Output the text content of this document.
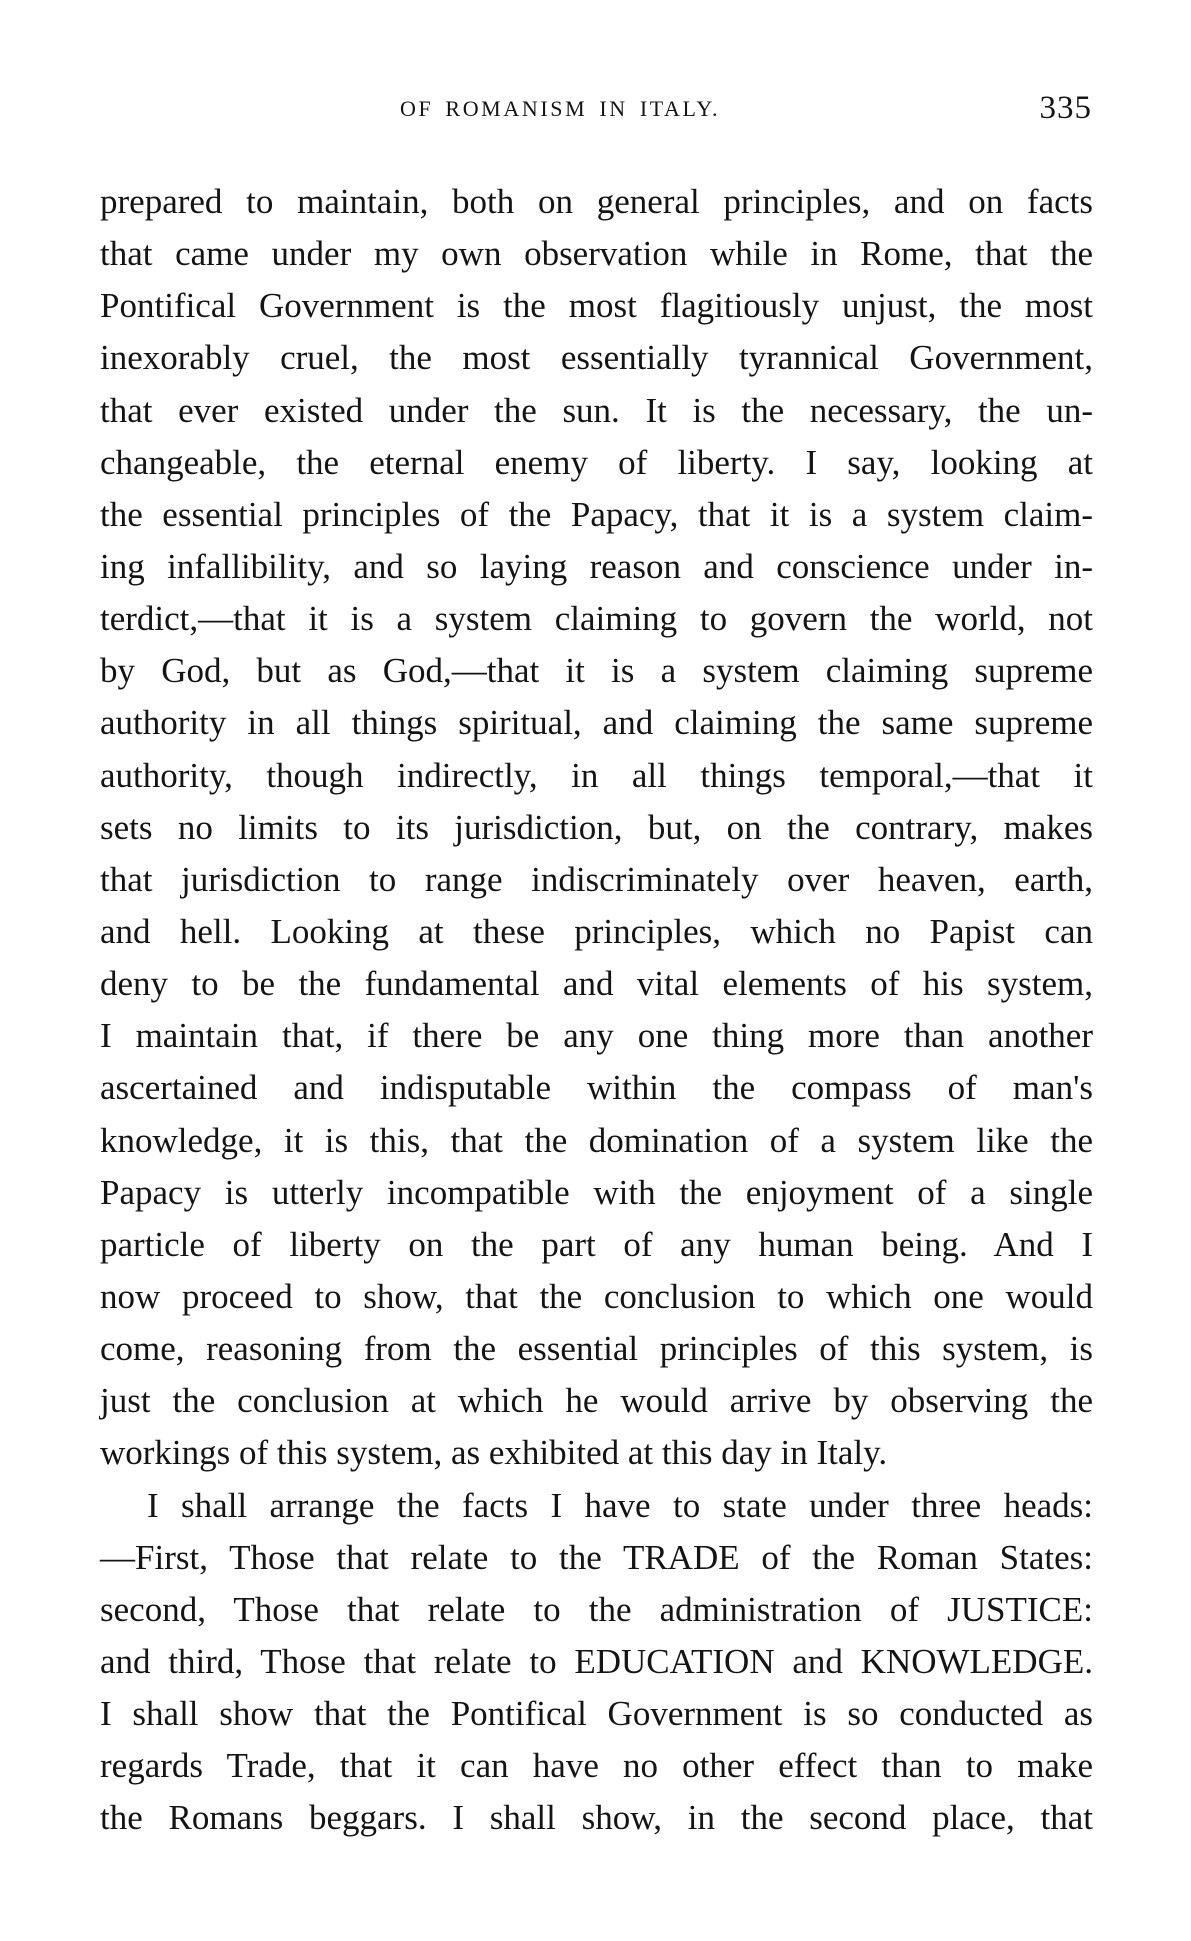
OF ROMANISM IN ITALY.	335
prepared to maintain, both on general principles, and on facts
that came under my own observation while in Rome, that the
Pontifical Government is the most flagitiously unjust, the most
inexorably cruel, the most essentially tyrannical Government,
that ever existed under the sun. It is the necessary, the un-
changeable, the eternal enemy of liberty. I say, looking at
the essential principles of the Papacy, that it is a system claim-
ing infallibility, and so laying reason and conscience under in-
terdict,—that it is a system claiming to govern the world, not
by God, but as God,—that it is a system claiming supreme
authority in all things spiritual, and claiming the same supreme
authority, though indirectly, in all things temporal,—that it
sets no limits to its jurisdiction, but, on the contrary, makes
that jurisdiction to range indiscriminately over heaven, earth,
and hell. Looking at these principles, which no Papist can
deny to be the fundamental and vital elements of his system,
I maintain that, if there be any one thing more than another
ascertained and indisputable within the compass of man's
knowledge, it is this, that the domination of a system like the
Papacy is utterly incompatible with the enjoyment of a single
particle of liberty on the part of any human being. And I
now proceed to show, that the conclusion to which one would
come, reasoning from the essential principles of this system, is
just the conclusion at which he would arrive by observing the
workings of this system, as exhibited at this day in Italy.
I shall arrange the facts I have to state under three heads:
—First, Those that relate to the TRADE of the Roman States:
second, Those that relate to the administration of JUSTICE:
and third, Those that relate to EDUCATION and KNOWLEDGE.
I shall show that the Pontifical Government is so conducted as
regards Trade, that it can have no other effect than to make
the Romans beggars. I shall show, in the second place, that
